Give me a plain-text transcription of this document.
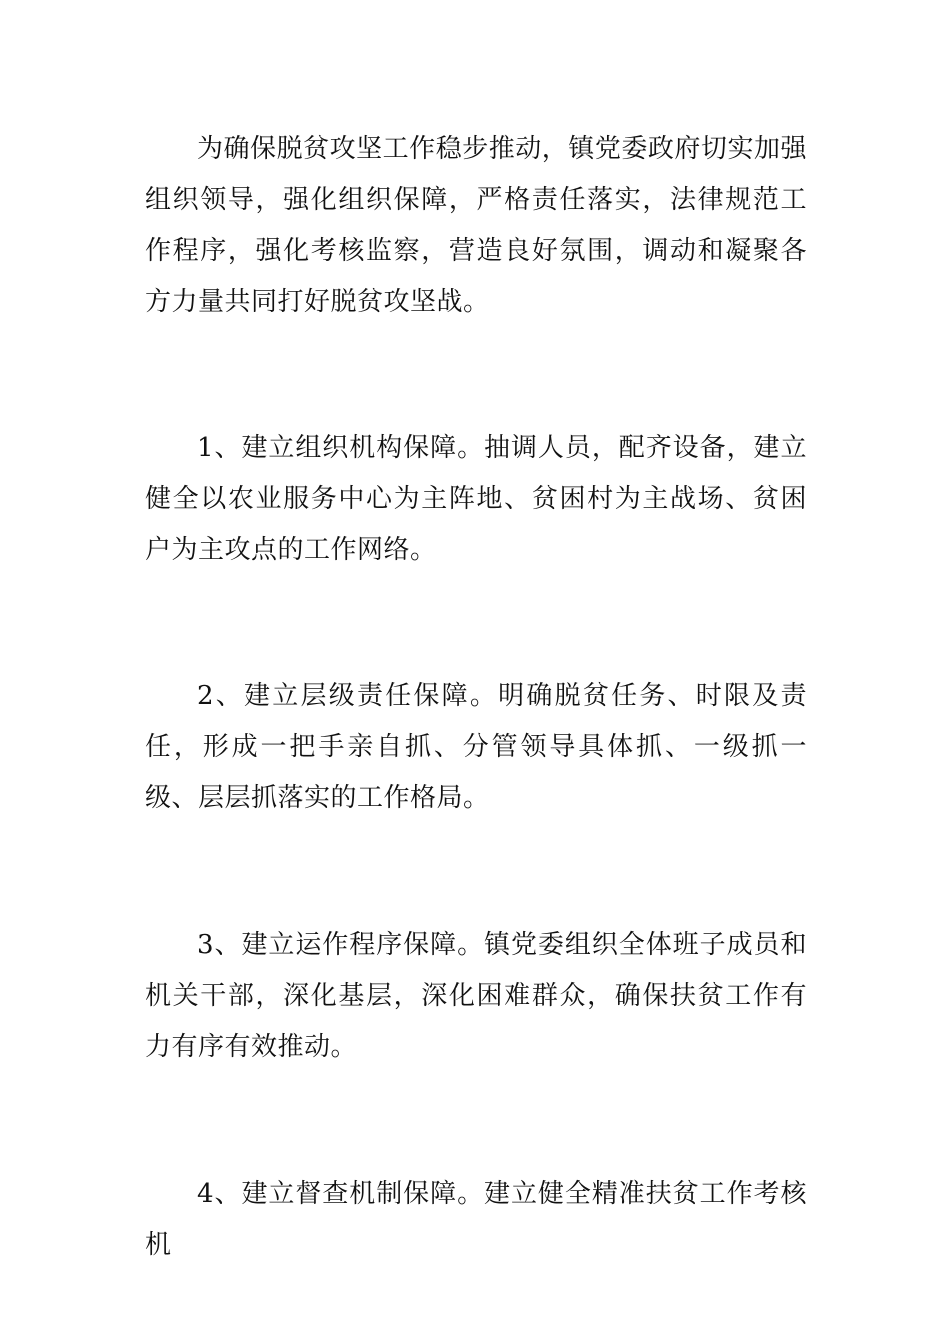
为确保脱贫攻坚工作稳步推动，镇党委政府切实加强组织领导，强化组织保障，严格责任落实，法律规范工作程序，强化考核监察，营造良好氛围，调动和凝聚各方力量共同打好脱贫攻坚战。

1、建立组织机构保障。抽调人员，配齐设备，建立健全以农业服务中心为主阵地、贫困村为主战场、贫困户为主攻点的工作网络。

2、建立层级责任保障。明确脱贫任务、时限及责任，形成一把手亲自抓、分管领导具体抓、一级抓一级、层层抓落实的工作格局。

3、建立运作程序保障。镇党委组织全体班子成员和机关干部，深化基层，深化困难群众，确保扶贫工作有力有序有效推动。

4、建立督查机制保障。建立健全精准扶贫工作考核机
